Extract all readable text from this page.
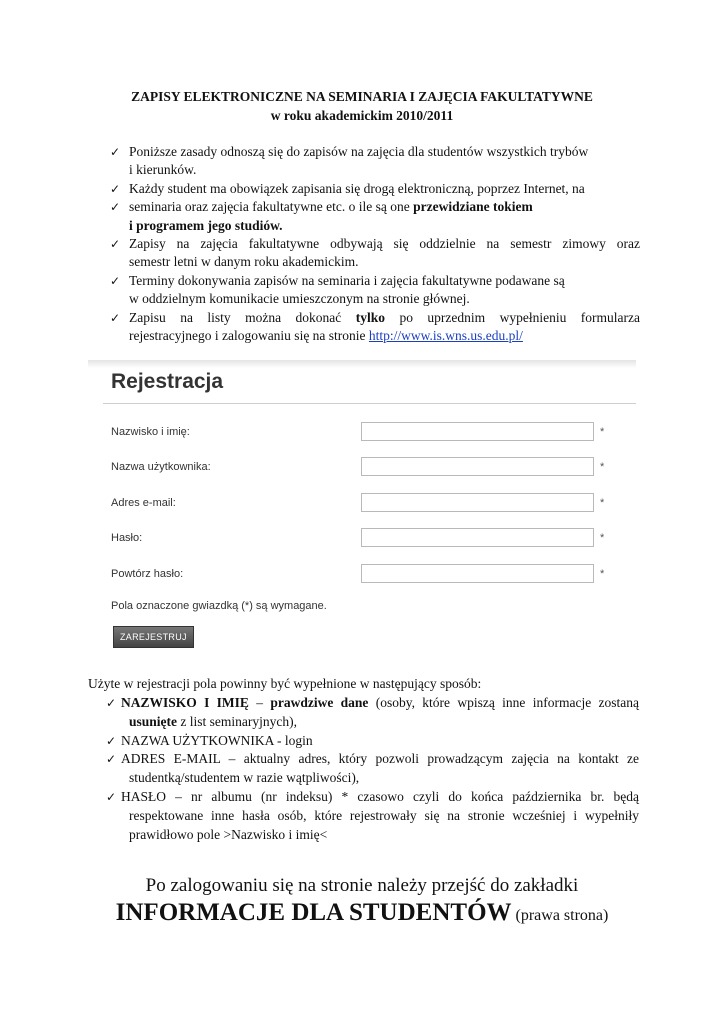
ZAPISY ELEKTRONICZNE NA SEMINARIA I ZAJĘCIA FAKULTATYWNE
w roku akademickim 2010/2011

✓ Poniższe zasady odnoszą się do zapisów na zajęcia dla studentów wszystkich trybów
i kierunków.

✓ Każdy student ma obowiązek zapisania się drogą elektroniczną, poprzez Internet, na

✓ seminaria oraz zajęcia fakultatywne etc. o ile są one przewidziane tokiem
i programem jego studiów.

✓ Zapisy na zajęcia fakultatywne odbywają się oddzielnie na semestr zimowy oraz
semestr letni w danym roku akademickim.

✓ Terminy dokonywania zapisów na seminaria i zajęcia fakultatywne podawane są
w oddzielnym komunikacie umieszczonym na stronie głównej.

✓ Zapisu na listy można dokonać tylko po uprzednim wypełnieniu formularza
rejestracyjnego i zalogowaniu się na stronie http://www.is.wns.us.edu.pl/

Rejestracja
Nazwisko i imię:	*
Nazwa użytkownika:	*
Adres e-mail:	*
Hasło:	*
Powtórz hasło:	*
Pola oznaczone gwiazdką (*) są wymagane.
ZAREJESTRUJ
Użyte w rejestracji pola powinny być wypełnione w następujący sposób:

✓ NAZWISKO I IMIĘ – prawdziwe dane (osoby, które wpiszą inne informacje zostaną
usunięte z list seminaryjnych),

✓ NAZWA UŻYTKOWNIKA - login

✓ ADRES E-MAIL – aktualny adres, który pozwoli prowadzącym zajęcia na kontakt ze
studentką/studentem w razie wątpliwości),

✓ HASŁO – nr albumu (nr indeksu) * czasowo czyli do końca października br. będą
respektowane inne hasła osób, które rejestrowały się na stronie wcześniej i wypełniły
prawidłowo pole >Nazwisko i imię<

Po zalogowaniu się na stronie należy przejść do zakładki
INFORMACJE DLA STUDENTÓW (prawa strona)
